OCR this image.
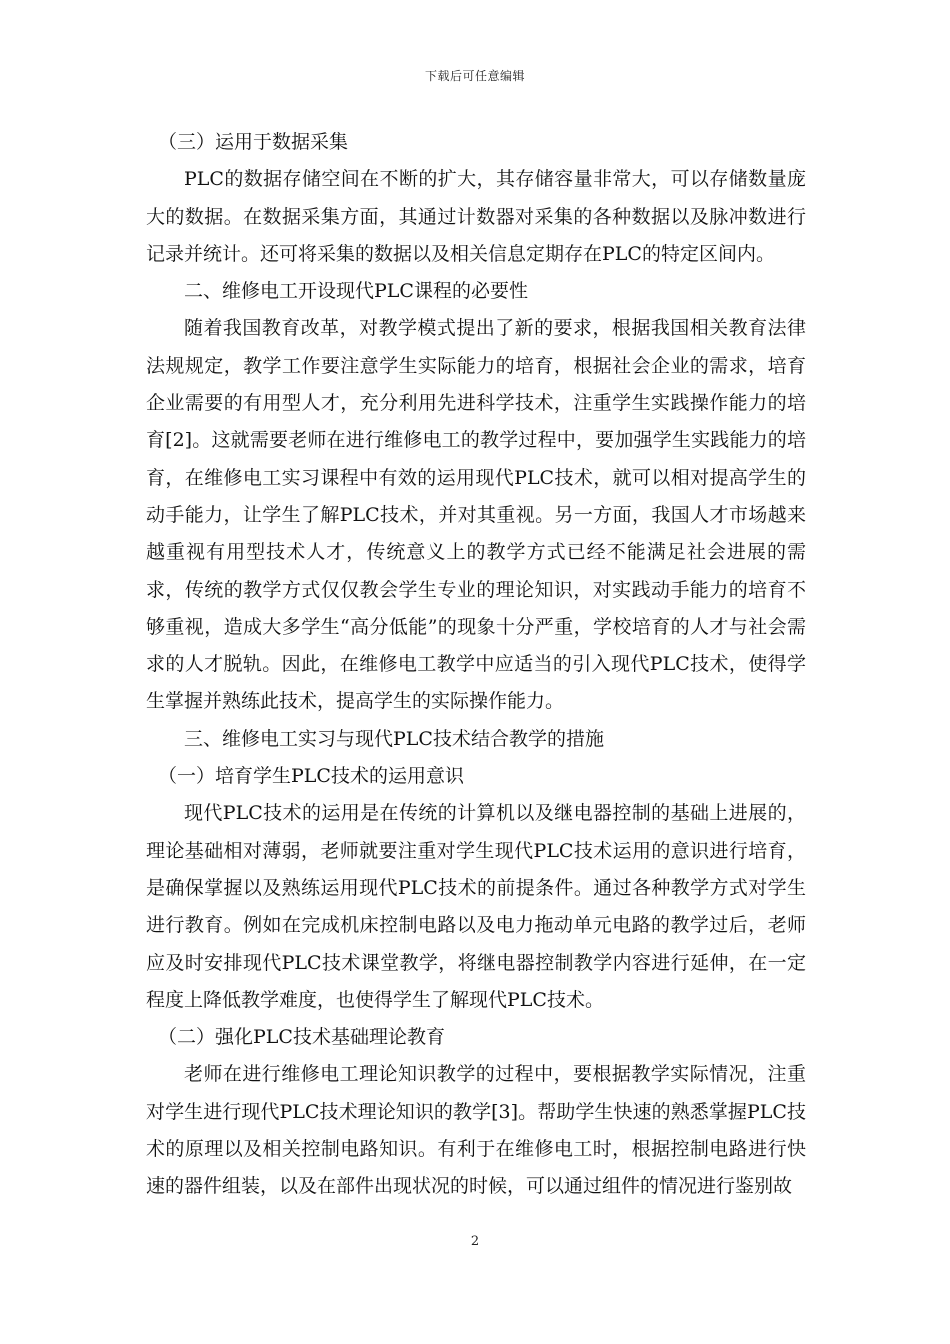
下载后可任意编辑

（三）运用于数据采集

PLC的数据存储空间在不断的扩大，其存储容量非常大，可以存储数量庞大的数据。在数据采集方面，其通过计数器对采集的各种数据以及脉冲数进行记录并统计。还可将采集的数据以及相关信息定期存在PLC的特定区间内。

二、维修电工开设现代PLC课程的必要性

随着我国教育改革，对教学模式提出了新的要求，根据我国相关教育法律法规规定，教学工作要注意学生实际能力的培育，根据社会企业的需求，培育企业需要的有用型人才，充分利用先进科学技术，注重学生实践操作能力的培育[2]。这就需要老师在进行维修电工的教学过程中，要加强学生实践能力的培育，在维修电工实习课程中有效的运用现代PLC技术，就可以相对提高学生的动手能力，让学生了解PLC技术，并对其重视。另一方面，我国人才市场越来越重视有用型技术人才，传统意义上的教学方式已经不能满足社会进展的需求，传统的教学方式仅仅教会学生专业的理论知识，对实践动手能力的培育不够重视，造成大多学生“高分低能”的现象十分严重，学校培育的人才与社会需求的人才脱轨。因此，在维修电工教学中应适当的引入现代PLC技术，使得学生掌握并熟练此技术，提高学生的实际操作能力。

三、维修电工实习与现代PLC技术结合教学的措施

（一）培育学生PLC技术的运用意识

现代PLC技术的运用是在传统的计算机以及继电器控制的基础上进展的，理论基础相对薄弱，老师就要注重对学生现代PLC技术运用的意识进行培育，是确保掌握以及熟练运用现代PLC技术的前提条件。通过各种教学方式对学生进行教育。例如在完成机床控制电路以及电力拖动单元电路的教学过后，老师应及时安排现代PLC技术课堂教学，将继电器控制教学内容进行延伸，在一定程度上降低教学难度，也使得学生了解现代PLC技术。

（二）强化PLC技术基础理论教育

老师在进行维修电工理论知识教学的过程中，要根据教学实际情况，注重对学生进行现代PLC技术理论知识的教学[3]。帮助学生快速的熟悉掌握PLC技术的原理以及相关控制电路知识。有利于在维修电工时，根据控制电路进行快速的器件组装，以及在部件出现状况的时候，可以通过组件的情况进行鉴别故

2
